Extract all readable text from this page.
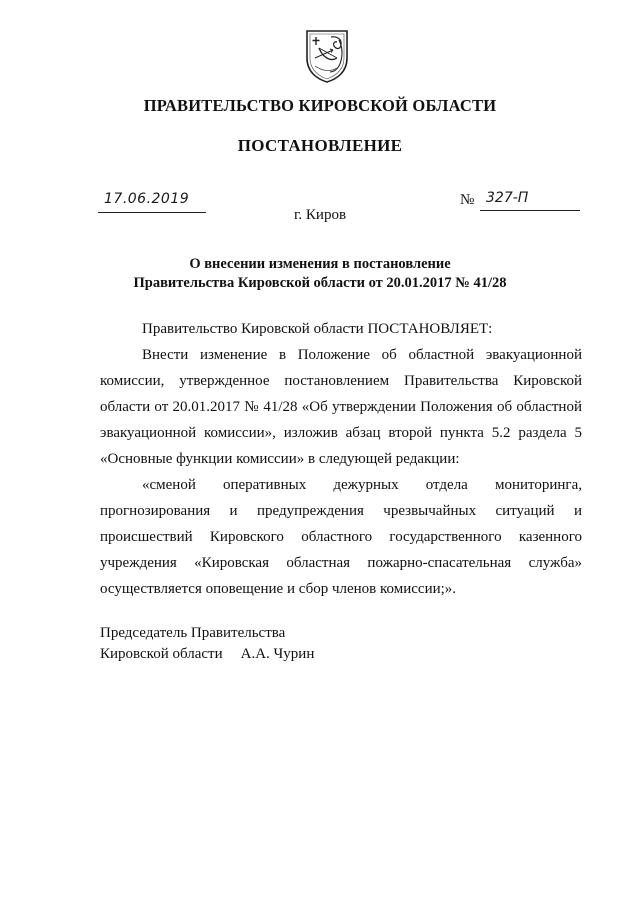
ПРАВИТЕЛЬСТВО КИРОВСКОЙ ОБЛАСТИ
ПОСТАНОВЛЕНИЕ
17.06.2019	№ 327-П
г. Киров
О внесении изменения в постановление
Правительства Кировской области от 20.01.2017 № 41/28

Правительство Кировской области ПОСТАНОВЛЯЕТ:

Внести изменение в Положение об областной эвакуационной
комиссии, утвержденное постановлением Правительства Кировской
области от 20.01.2017 № 41/28 «Об утверждении Положения об областной
эвакуационной комиссии», изложив абзац второй пункта 5.2 раздела 5
«Основные функции комиссии» в следующей редакции:

«сменой оперативных дежурных отдела мониторинга,
прогнозирования и предупреждения чрезвычайных ситуаций и
происшествий Кировского областного государственного казенного
учреждения «Кировская областная пожарно-спасательная служба»
осуществляется оповещение и сбор членов комиссии;».

Председатель Правительства
Кировской области А.А. Чурин
